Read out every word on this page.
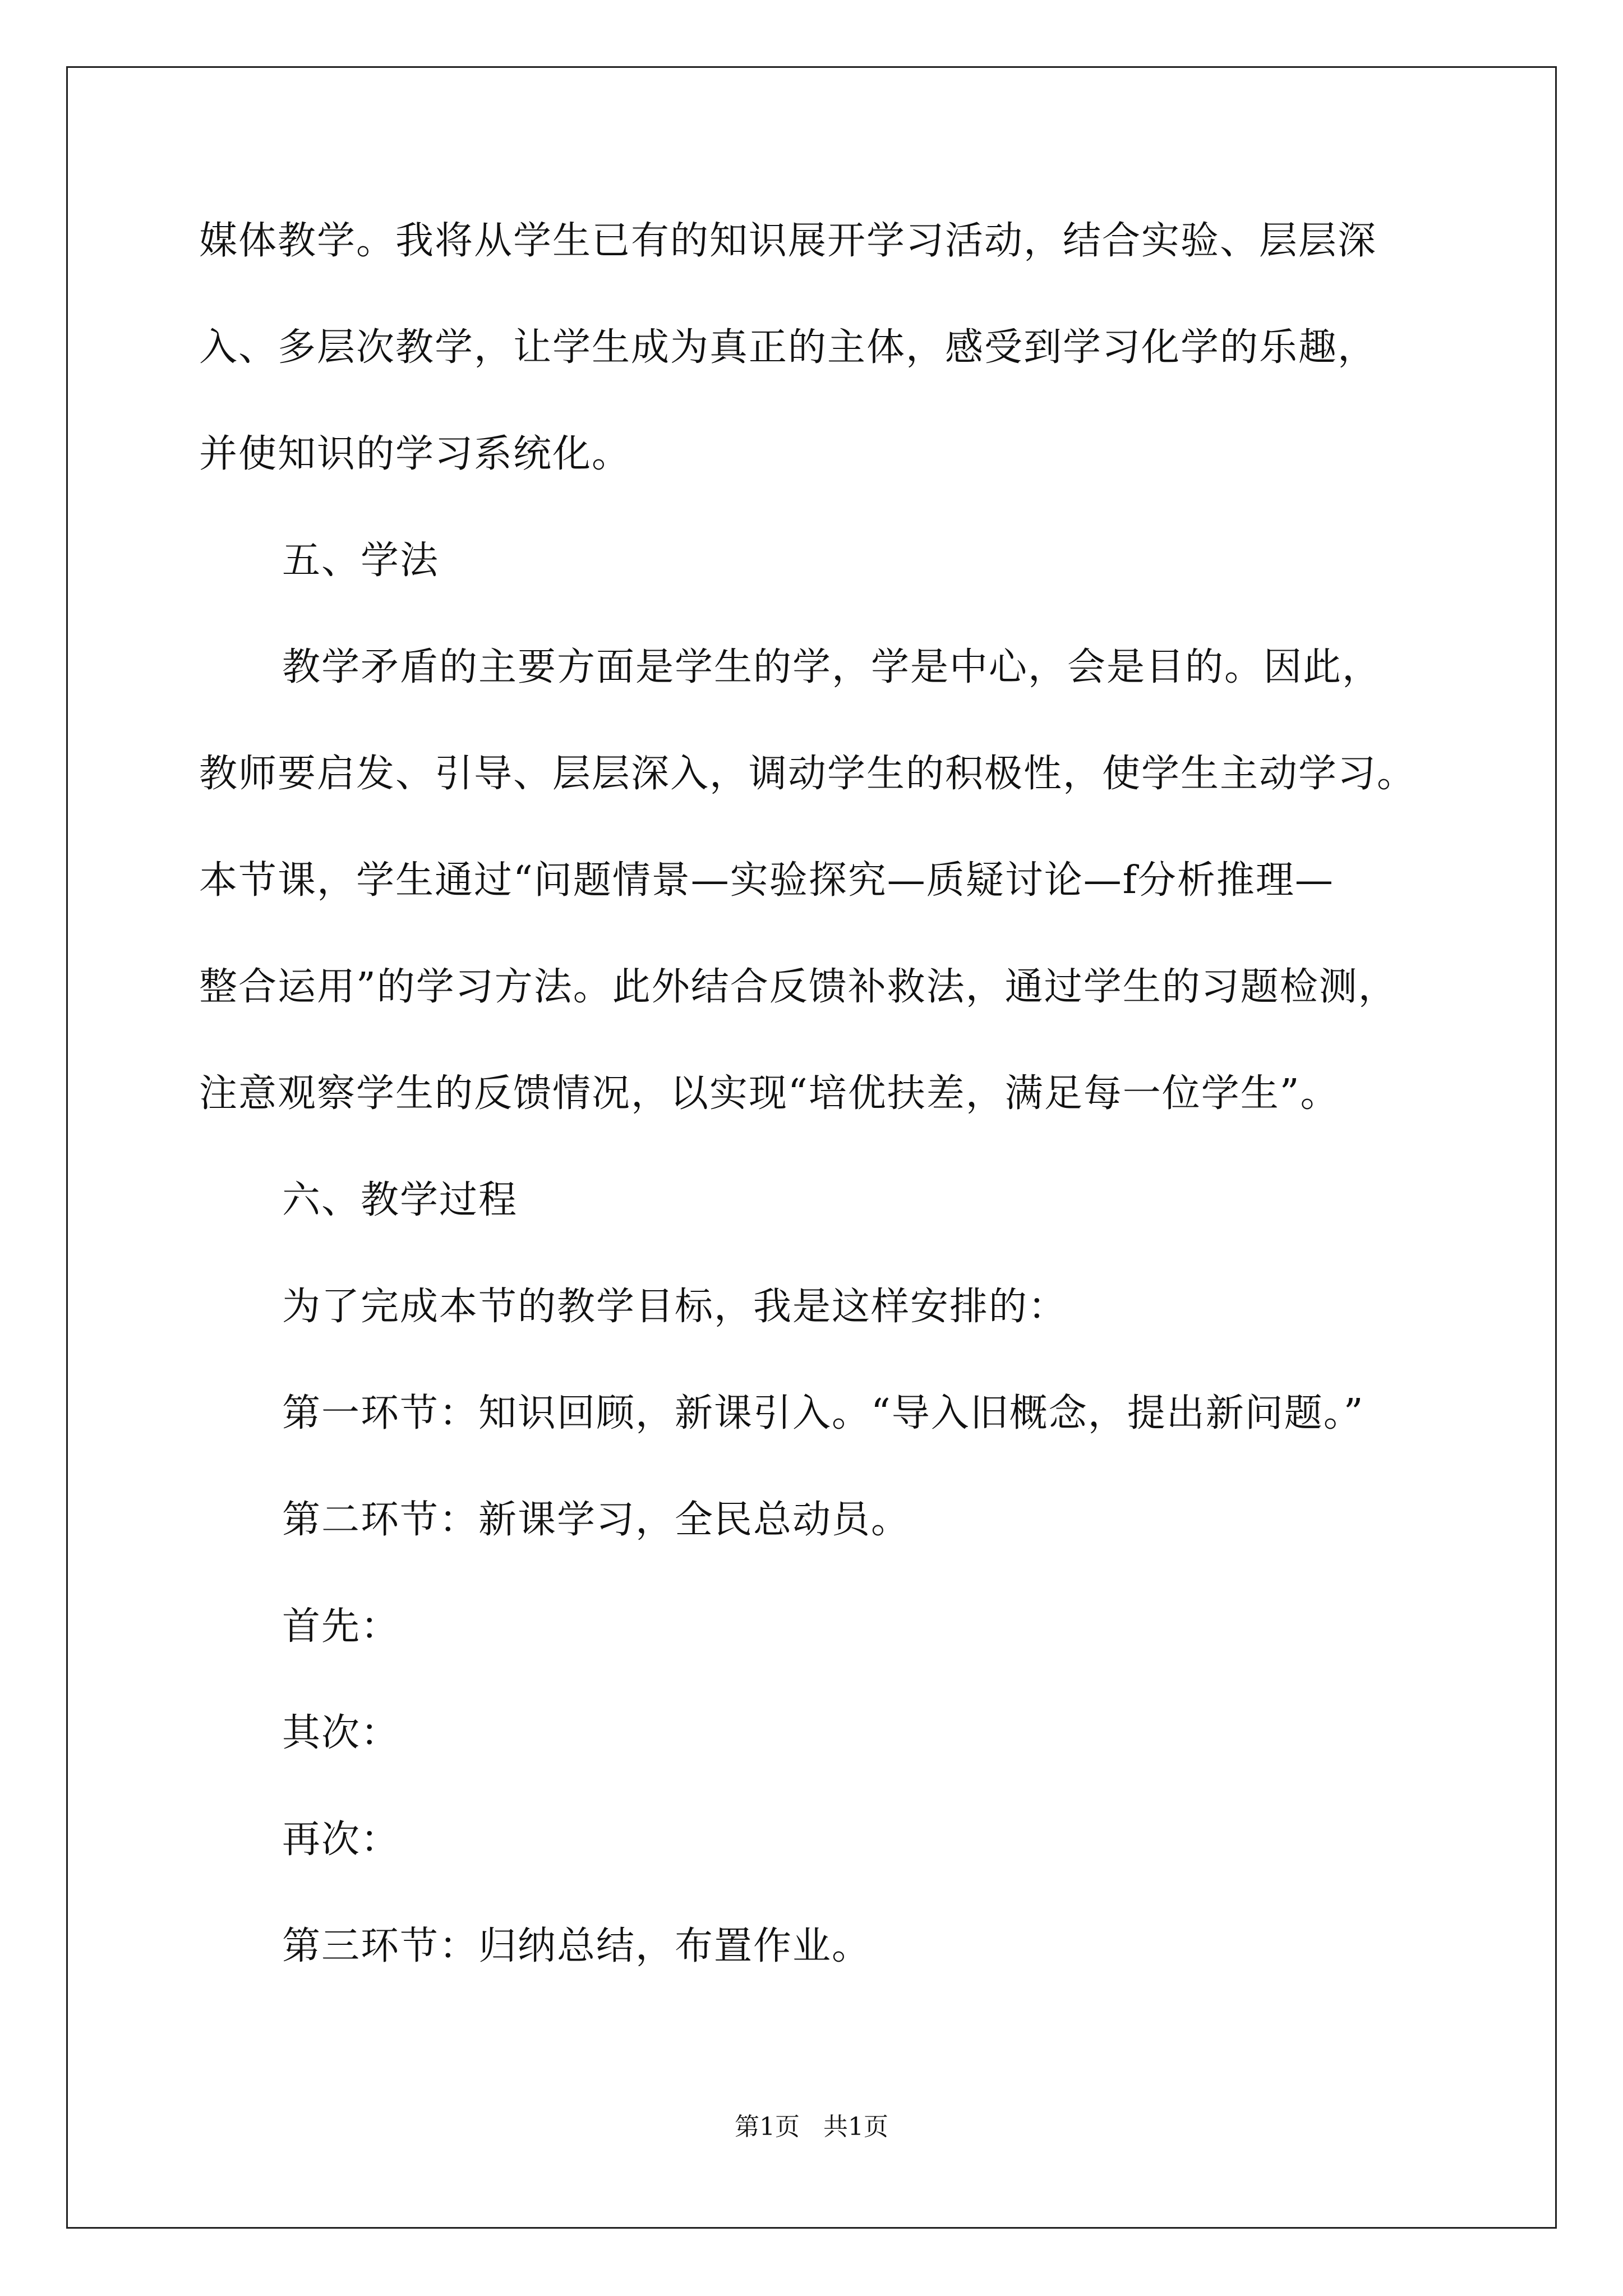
媒体教学。我将从学生已有的知识展开学习活动，结合实验、层层深
入、多层次教学，让学生成为真正的主体，感受到学习化学的乐趣，
并使知识的学习系统化。
五、学法
教学矛盾的主要方面是学生的学，学是中心，会是目的。因此，
教师要启发、引导、层层深入，调动学生的积极性，使学生主动学习。
本节课，学生通过“问题情景—实验探究—质疑讨论—f分析推理—
整合运用”的学习方法。此外结合反馈补救法，通过学生的习题检测，
注意观察学生的反馈情况，以实现“培优扶差，满足每一位学生”。
六、教学过程
为了完成本节的教学目标，我是这样安排的：
第一环节：知识回顾，新课引入。“导入旧概念，提出新问题。”
第二环节：新课学习，全民总动员。
首先：
其次：
再次：
第三环节：归纳总结，布置作业。
第1页   共1页
